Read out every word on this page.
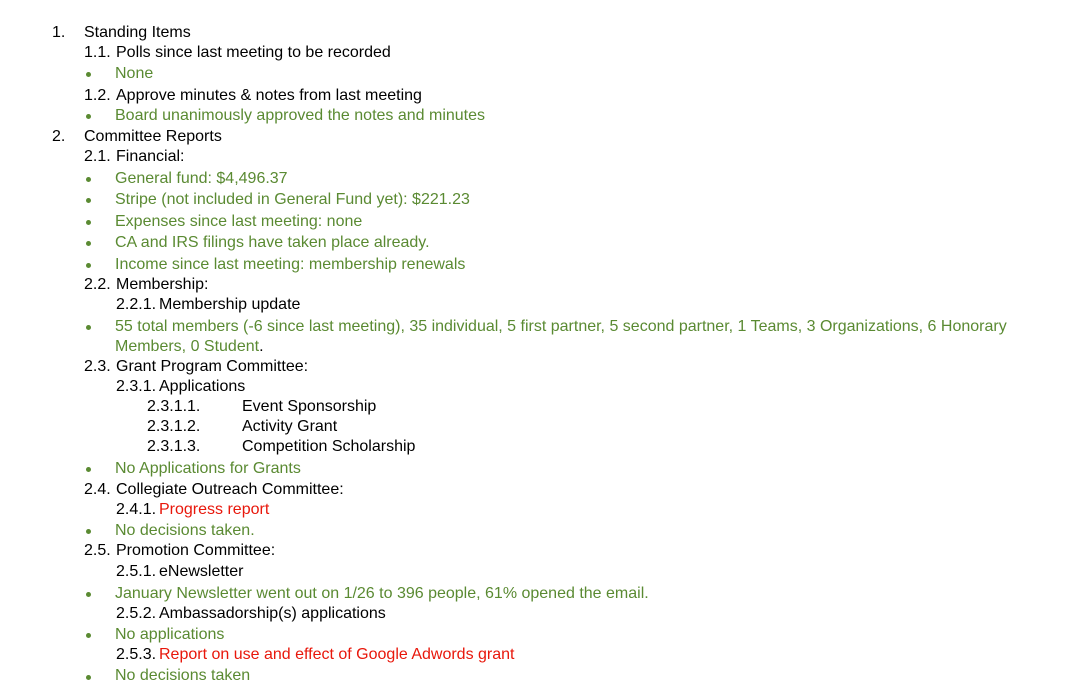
1. Standing Items
1.1. Polls since last meeting to be recorded
None
1.2. Approve minutes & notes from last meeting
Board unanimously approved the notes and minutes
2. Committee Reports
2.1. Financial:
General fund: $4,496.37
Stripe (not included in General Fund yet): $221.23
Expenses since last meeting: none
CA and IRS filings have taken place already.
Income since last meeting: membership renewals
2.2. Membership:
2.2.1. Membership update
55 total members (-6 since last meeting), 35 individual, 5 first partner, 5 second partner, 1 Teams, 3 Organizations, 6 Honorary Members, 0 Student.
2.3. Grant Program Committee:
2.3.1. Applications
2.3.1.1.	Event Sponsorship
2.3.1.2.	Activity Grant
2.3.1.3.	Competition Scholarship
No Applications for Grants
2.4. Collegiate Outreach Committee:
2.4.1. Progress report
No decisions taken.
2.5. Promotion Committee:
2.5.1. eNewsletter
January Newsletter went out on 1/26 to 396 people, 61% opened the email.
2.5.2. Ambassadorship(s) applications
No applications
2.5.3. Report on use and effect of Google Adwords grant
No decisions taken
